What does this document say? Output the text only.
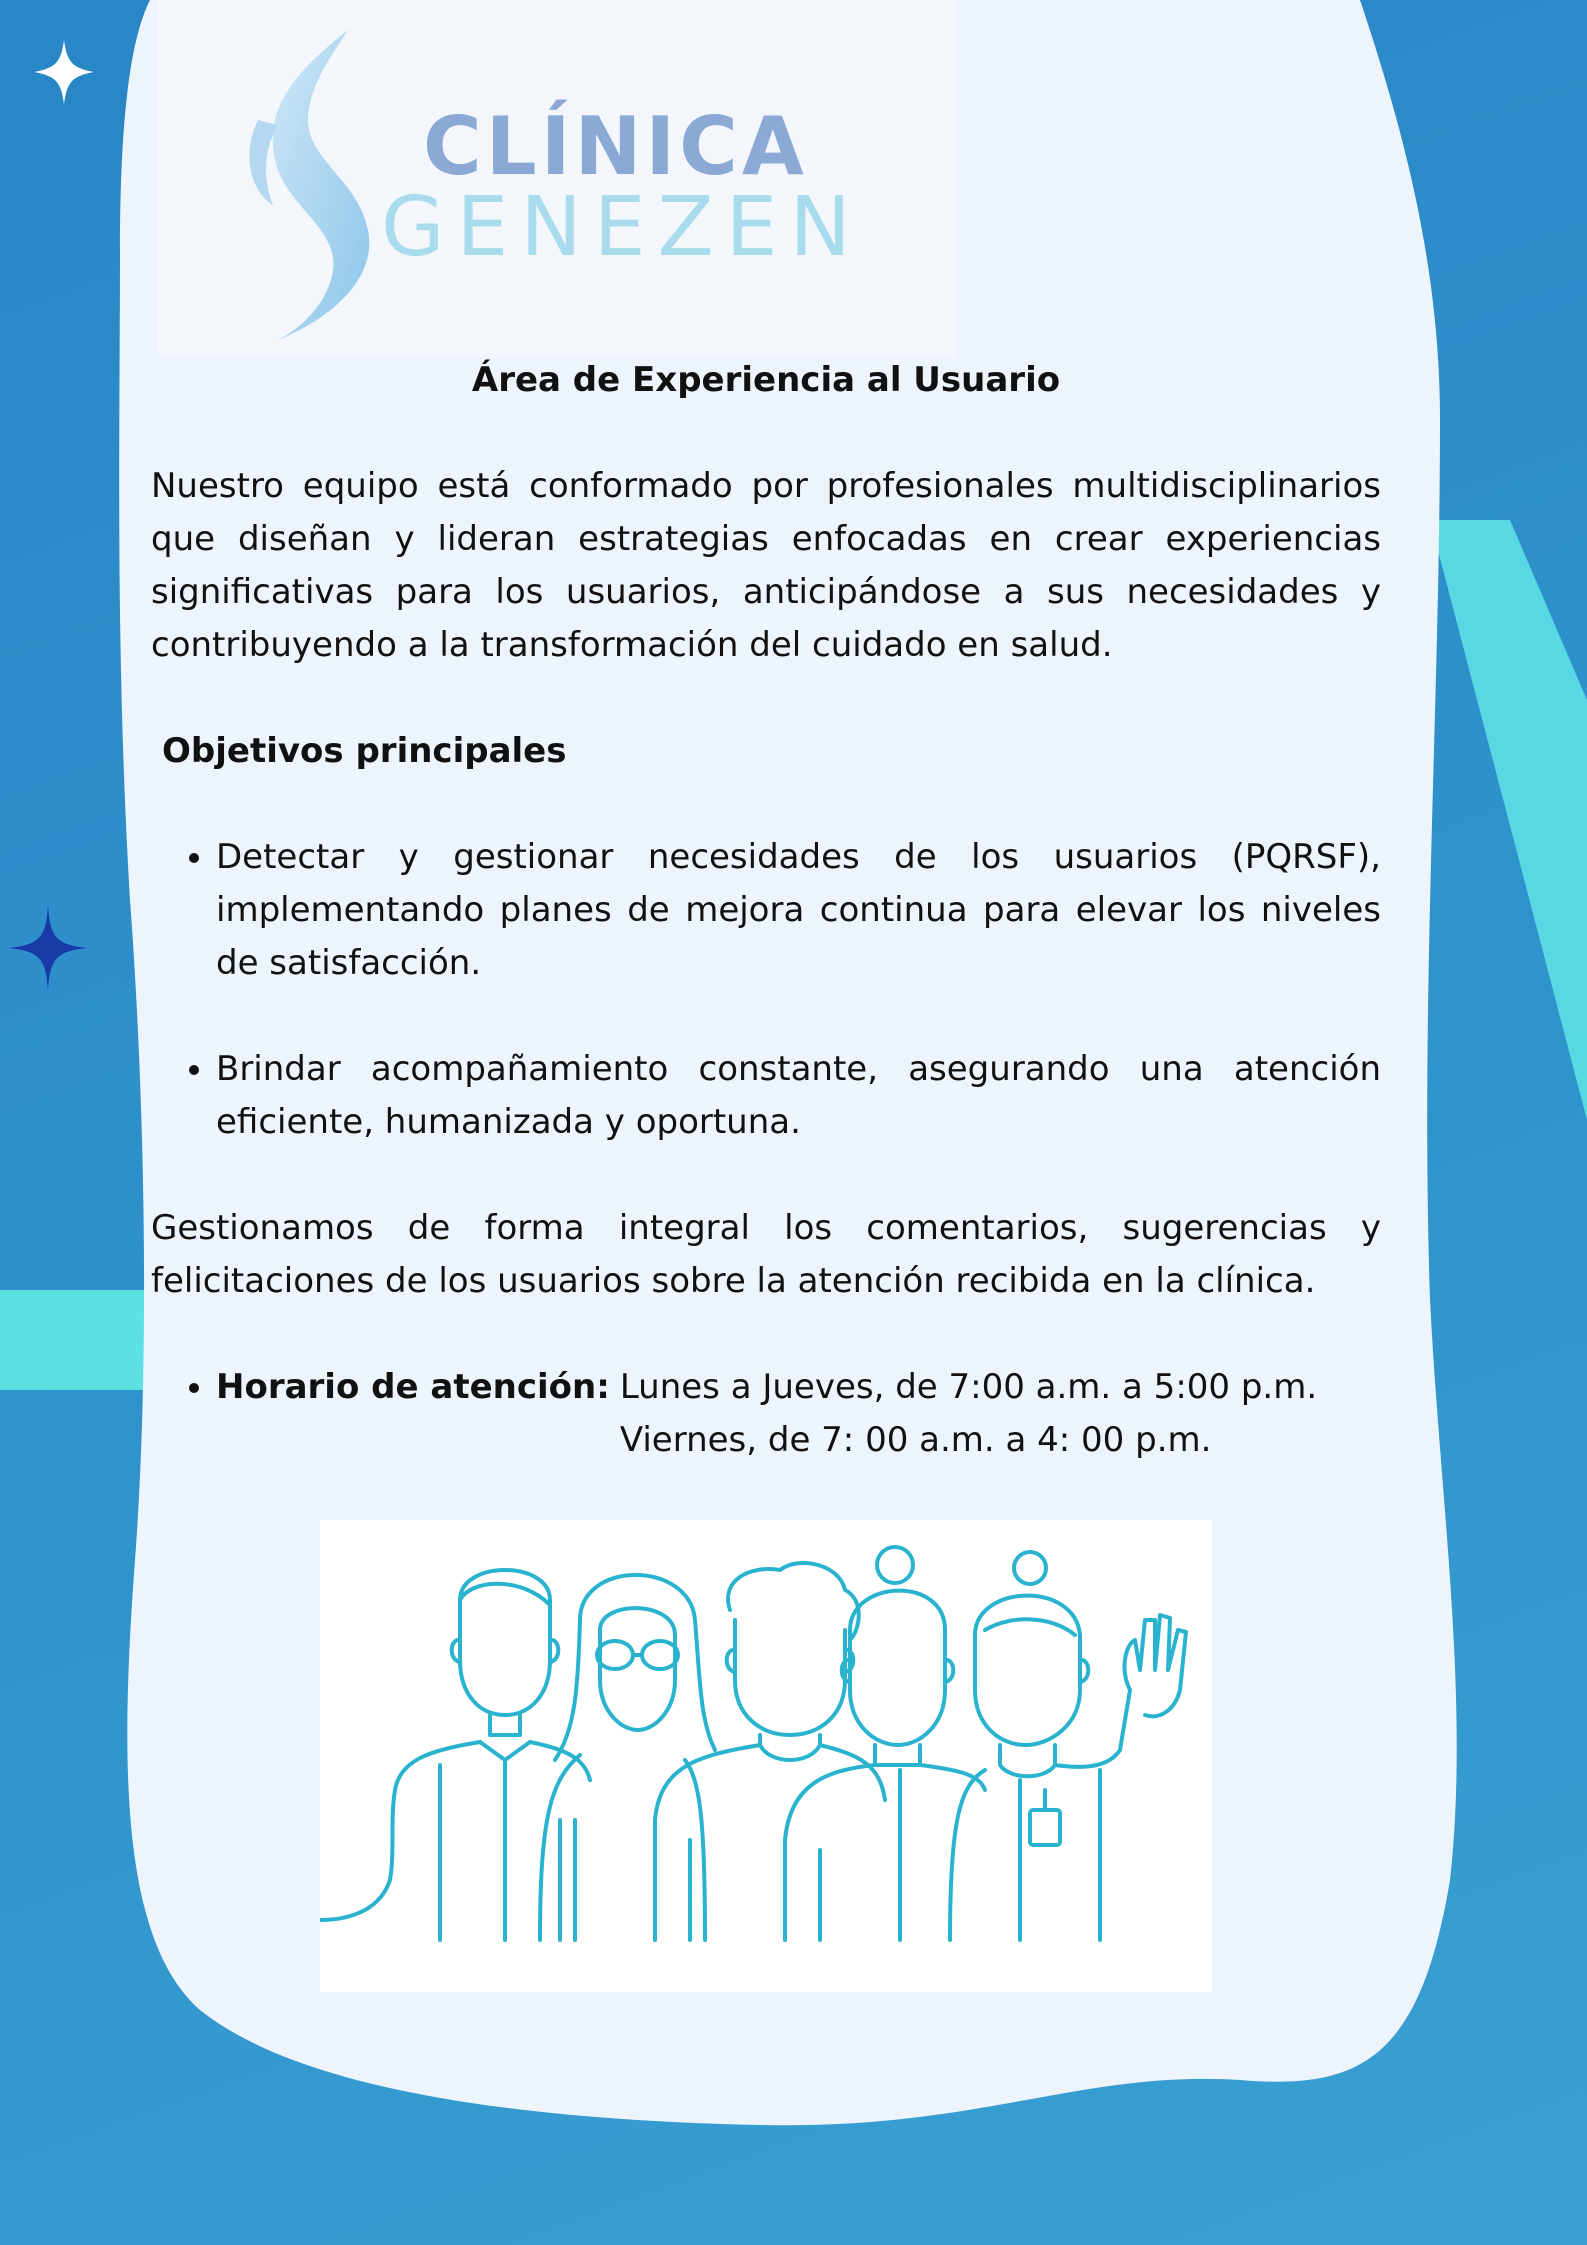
CLÍNICA
GENEZEN

Área de Experiencia al Usuario

Nuestro equipo está conformado por profesionales multidisciplinarios que diseñan y lideran estrategias enfocadas en crear experiencias significativas para los usuarios, anticipándose a sus necesidades y contribuyendo a la transformación del cuidado en salud.

Objetivos principales

• Detectar y gestionar necesidades de los usuarios (PQRSF), implementando planes de mejora continua para elevar los niveles de satisfacción.
• Brindar acompañamiento constante, asegurando una atención eficiente, humanizada y oportuna.

Gestionamos de forma integral los comentarios, sugerencias y felicitaciones de los usuarios sobre la atención recibida en la clínica.

• Horario de atención: Lunes a Jueves, de 7:00 a.m. a 5:00 p.m.
Viernes, de 7: 00 a.m. a 4: 00 p.m.
